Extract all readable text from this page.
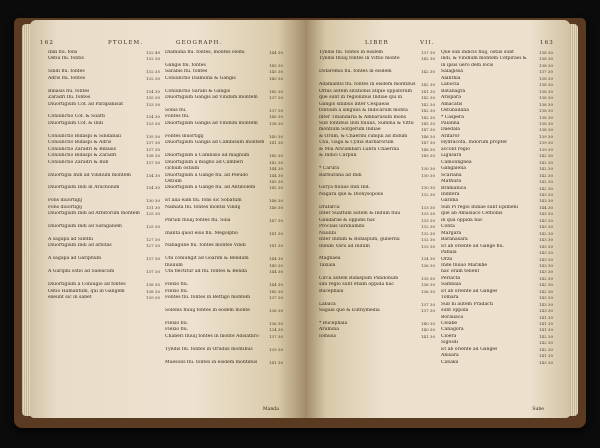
162	PTOLEM.	GEOGRAPH.
Indi flu. fons	132 49
Ostiũ flu. fontis	132 30
Sindi flu. fontes	132 35
Adris flu. fontes	132 30
Bibasis flu. fontes	134 30
Zaradri flu. fontes	135 30
Diuortigium Cof. ad Parapanisat	133 30
Coniunctio Cof. & Suafti	134 30
Diuortigium Cof. & Indi	133 30
Coniunctio Bidaspi & Sindabali	135 30
Coniunctio Bidaspi & Adris	137 30
Coniunctio Zaradri & Bibasis	137 30
Coniunctio Bidaspi & Zaradri	138 30
Coniunctio Zaradri & Indi	137 30
Diuortigiũ Indi ad Vindium montem	134 30
Diuortigium Indi in Aracholum	134 30
Fons diuortigij	130 30
Fons diuortigij	131 30
Diuortigium Indi ad Arbitorum montem	125 30
Diuortigium Indi ad Saraganem	125 30
A sagapa ad Simthi	127 30
Diuortigium Indi ad arbitas	127 30
A sagapa ad Gariphum	137 30
A Gariphi ostio ad Saleacum	137 30
Diuortigium a Coniugio ad fontes	138 30
Ostio Hamantum, qui in Gangem	138 30
exeunt sic in sabet	139 30
Diamuna flu. fontes, montes Hemi	144 30
Gangis flu. fontes	145 30
Sarabis flu. fontes	145 30
Coniunctio Diamuna & Gangis	140 30
Coniunctio Sarabi & Gangis	140 30
Diuortigium Gangis ad Vindum montem	137 30
Sonis flu.	137 30
Fontes flu.	140 30
Diuortigium Gangis ad Vindum montem	138 30
Fontes diuortigij	140 30
Diuortigium Gangis ad Cambisum montem	141 30
Diuortigium a Cambisio ad magnum	140 30
Diuortigium a magno ad Camberi	142 30
cichum ostium	144 30
Diuortigium a Gange flu. ad Pseudo	144 30
Ostium	145 30
Diuortigium a Gange flu. ad Antibolem	145 30
Et alia eam flu. fons sic Sobatum	146 30
Namata flu. fontes montis Vindij	146 30
Phrudi fluuij fontes flu. Silia	147 30
Inanta quod eius flu. Megolpho	141 30
Nanagune flu. fontes montes Vindi	141 30
Ubi coniungit ad Goarim & Bendam	144 30
fluuium	145 30
Ubi flectitur ad flu. fontes & Benda	144 30
Flexio flu.	144 30
Flexio flu.	140 30
Fontes flu. fontes in Bettigo montem	137 30
Solenis fluuij fontes in eodem monte	136 30
Flexio flu.	136 30
Flexio flu.	134 30
Chaberi fluuij fontes in monte Adisathro	137 30
Tyndis flu. fontes in Orudiis montibus	139 30
Maesolis flu. fontes in eisdem montibus	141 30
Manda
LIBER	VII.	163
Tyndis flu. fontes in eisdem	137 30
Tyndis fluuij fontes in Vittio monte	142 30
Dofaremis flu. fontes in eisdem	142 30
Adamantis flu. fontes in eisdem montibus	142 30
Orbis autem sitationis atque oppidorum	141 30
que sunt in regionibus Indiae qui in	142 30
Gangis sinibus inter Cespaeas	142 30
fontium a singulis & Indicarum monta	142 30
inter Tinandaria & Ambarusum mons	142 30
Sub fontibus Indi fluuiis, Summa & Vittu	145 30
montium Sorgerum Indiae	147 30
& Orum, & Chaerini cunqui ad Indum	146 30
Uxii, Gaga & Cydia Barbarorum	147 30
& Mia Aricambari Lubra Chaerina	148 30
& Indici Carpun	149 30
* Carura	130 30
Barburana ad Indi	130 30
Gorya fluuiis Indi Ind.	130 30
Nagara que & Dionysopolis	132 30
Drafarca	133 30
Inter Suaftum autem & Indum fluu	133 30
Gandarae & oppidis hac	133 30
Proclais uiridiamini	132 30
Naulibi	132 30
Inter Indum & Bidaspum, gubernu	132 30
Indum Varii ad Indum	133 30
Magnaea	134 30
Taxiala	136 30
Circa autem Bidaspum Pandonum	135 30
sibi regio sunt etiam oppida hac	136 30
Bucephala	136 30
Labaca	137 30
Sagala que & Euthymedia	137 30
* Bucephala	140 30
Arumina	140 30
Iomusa	141 30
Que sub indicis fluij, ostiis sunt	138 30
indi, & Vindium montem Cefpiraei &	138 30
in ipsis uero dem locis	138 30
Salagissa	137 30
Alanthia	138 30
Labocla	138 30
Batanagra	138 30
Arispara	138 30
Amacatis	138 30
Ostubadana	138 30
* Caspera	138 30
Palanna	138 30
Daedala	138 30
Arifaror	139 30
Hydracota, Indorum propter	139 30
accolit regio	139 30
Ligusara	142 30
Camolingnea	142 30
Gangalena	142 30
Scariana	142 30
Mathura	142 30
Bramanica	142 30
Indifera	143 30
Garima	143 30
Sub Pi regio Indiae sunt Epimeni	144 30
que ab Amasiaco Ceffionis	143 30
in qua oppida hac	143 30
Conta	143 30
Margara	142 30
Baranasara	143 30
Et ab oriente ad Gange flu.	143 30
Paflala	143 30
Orza	143 30
Inde fluuio Marikhe	143 30
hac oram tenent	143 30
Perlacta	142 30
Sambala	142 30
Et ab oriente ad Ganges	142 30
Tomara	143 30
Sub hi autem Pradacti	143 30
sunt oppida	143 30
Boraliaca	141 30
Celabe	141 30
Canagora	141 30
Cloera	142 30
Sigosdi	142 30
Et ab oriente ad Ganges	142 30
Anisara	141 30
Canaka	143 30
Sube
